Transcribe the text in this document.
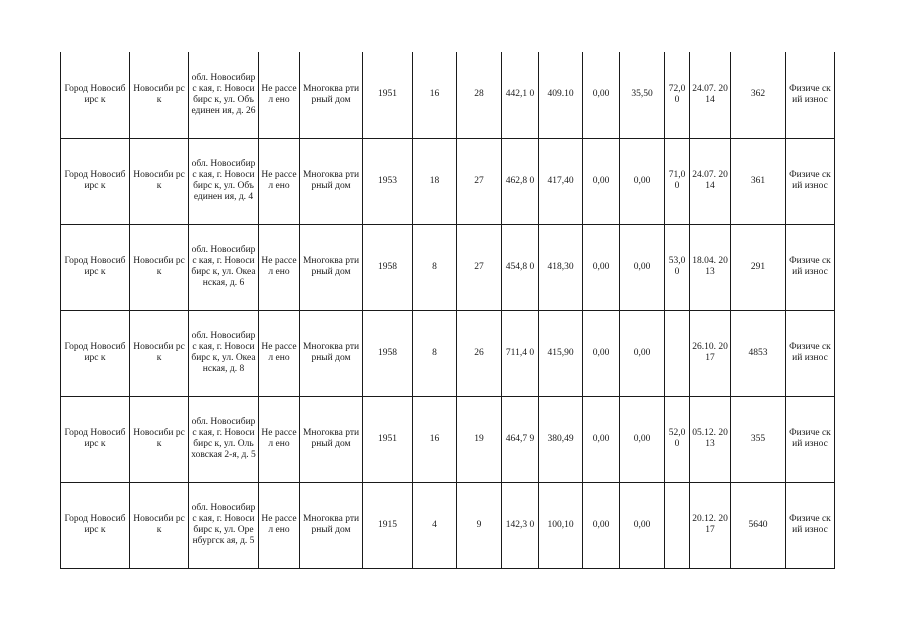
Город Новосибирс к	Новосиби рск	обл. Новосибирс кая, г. Новосибирс к, ул. Объединен ия, д. 26	Не рассел ено	Многоква ртирный дом	1951	16	28	442,1 0	409.10	0,00	35,50	72,0 0	24.07. 2014	362	Физиче ский износ
Город Новосибирс к	Новосиби рск	обл. Новосибирс кая, г. Новосибирс к, ул. Объединен ия, д. 4	Не рассел ено	Многоква ртирный дом	1953	18	27	462,8 0	417,40	0,00	0,00	71,0 0	24.07. 2014	361	Физиче ский износ
Город Новосибирс к	Новосиби рск	обл. Новосибирс кая, г. Новосибирс к, ул. Океанская, д. 6	Не рассел ено	Многоква ртирный дом	1958	8	27	454,8 0	418,30	0,00	0,00	53,0 0	18.04. 2013	291	Физиче ский износ
Город Новосибирс к	Новосиби рск	обл. Новосибирс кая, г. Новосибирс к, ул. Океанская, д. 8	Не рассел ено	Многоква ртирный дом	1958	8	26	711,4 0	415,90	0,00	0,00		26.10. 2017	4853	Физиче ский износ
Город Новосибирс к	Новосиби рск	обл. Новосибирс кая, г. Новосибирс к, ул. Ольховская 2-я, д. 5	Не рассел ено	Многоква ртирный дом	1951	16	19	464,7 9	380,49	0,00	0,00	52,0 0	05.12. 2013	355	Физиче ский износ
Город Новосибирс к	Новосиби рск	обл. Новосибирс кая, г. Новосибирс к, ул. Оренбургск ая, д. 5	Не рассел ено	Многоква ртирный дом	1915	4	9	142,3 0	100,10	0,00	0,00		20.12. 2017	5640	Физиче ский износ
